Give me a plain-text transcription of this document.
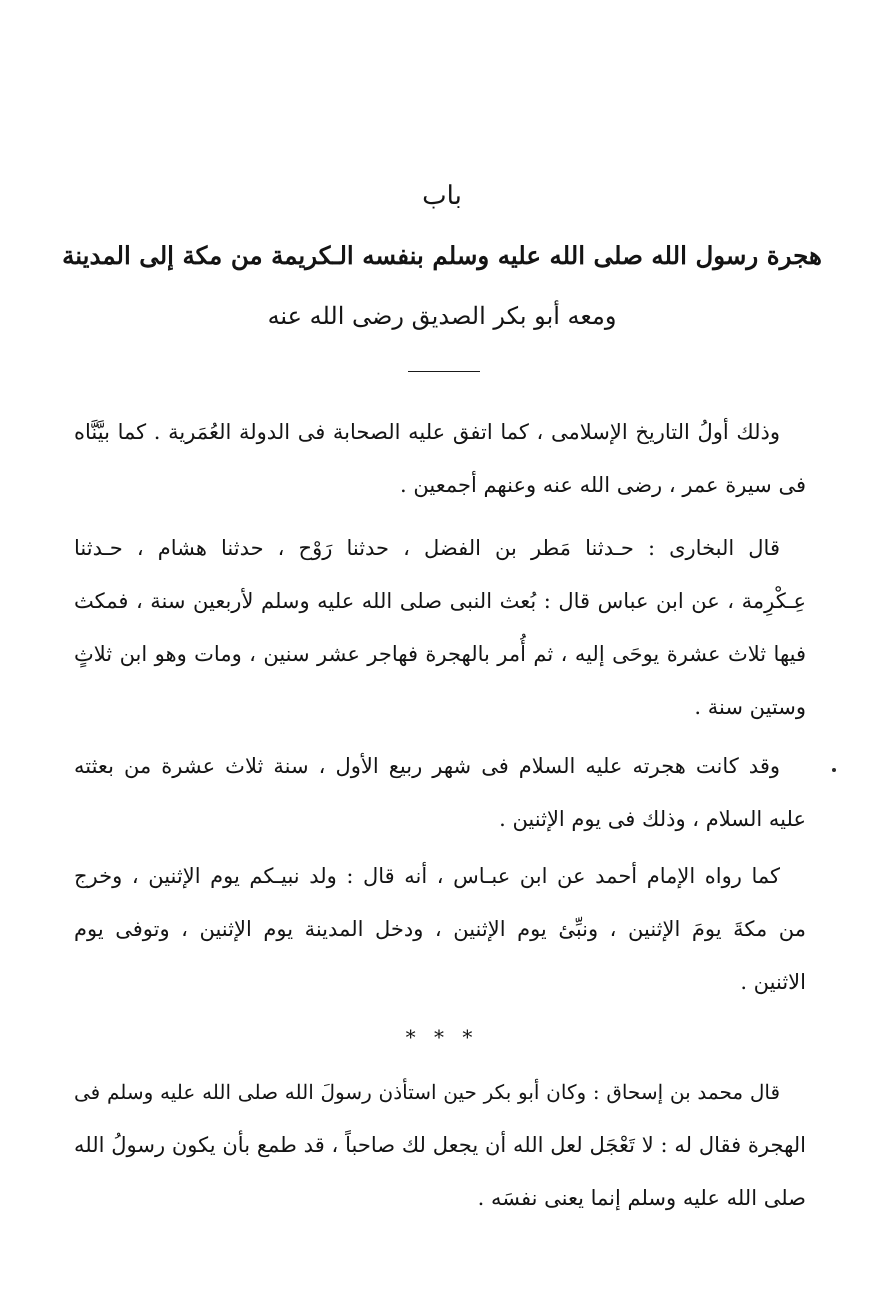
باب
هجرة رسول الله صلى الله عليه وسلم بنفسه الـكريمة من مكة إلى المدينة
ومعه أبو بكر الصديق رضى الله عنه
وذلك أولُ التاريخ الإسلامى ، كما اتفق عليه الصحابة فى الدولة العُمَرية . كما بيَّنَّاه
فى سيرة عمر ، رضى الله عنه وعنهم أجمعين .
قال البخارى : حـدثنا مَطر بن الفضل ، حدثنا رَوْح ، حدثنا هشام ، حـدثنا
عِـكْرِمة ، عن ابن عباس قال : بُعث النبى صلى الله عليه وسلم لأربعين سنة ، فمكث
فيها ثلاث عشرة يوحَى إليه ، ثم أُمر بالهجرة فهاجر عشر سنين ، ومات وهو ابن ثلاثٍ
وستين سنة .
وقد كانت هجرته عليه السلام فى شهر ربيع الأول ، سنة ثلاث عشرة من بعثته
عليه السلام ، وذلك فى يوم الإثنين .
كما رواه الإمام أحمد عن ابن عبـاس ، أنه قال : ولد نبيـكم يوم الإثنين ، وخرج
من مكةَ يومَ الإثنين ، ونبِّئ يوم الإثنين ، ودخل المدينة يوم الإثنين ، وتوفى يوم
الاثنين .
* * *
قال محمد بن إسحاق : وكان أبو بكر حين استأذن رسولَ الله صلى الله عليه وسلم فى
الهجرة فقال له : لا تَعْجَل لعل الله أن يجعل لك صاحباً ، قد طمع بأن يكون رسولُ الله
صلى الله عليه وسلم إنما يعنى نفسَه .
